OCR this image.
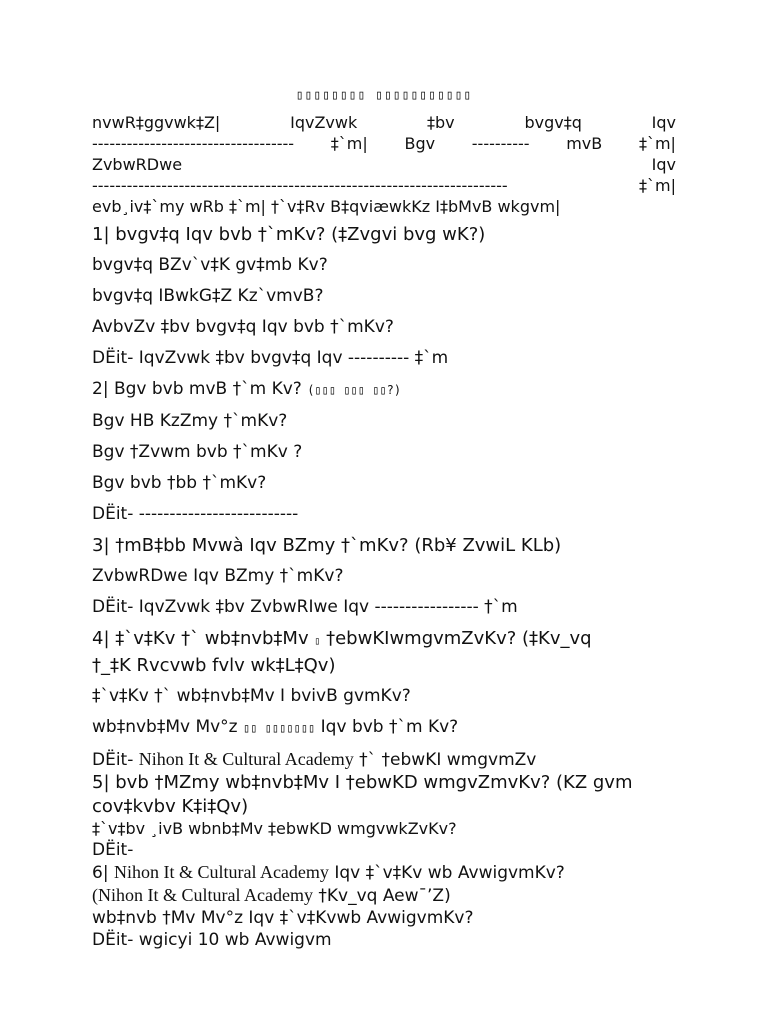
▯▯▯▯▯▯▯▯ ▯▯▯▯▯▯▯▯▯▯▯
nvwR‡ggvwk‡Z|	IqvZvwk	‡bv	bvgv‡q	Iqv
----------------------------------- ‡`m| Bgv ---------- mvB ‡`m|
ZvbwRDwe	Iqv
------------------------------------------------------------------------	‡`m|
evb¸iv‡`my wRb ‡`m| †`v‡Rv B‡qviæwkKz I‡bMvB wkgvm|
1| bvgv‡q Iqv bvb †`mKv? (‡Zvgvi bvg wK?)
bvgv‡q BZv`v‡K gv‡mb Kv?
bvgv‡q IBwkG‡Z Kz`vmvB?
AvbvZv ‡bv bvgv‡q Iqv bvb †`mKv?
DËit- IqvZvwk ‡bv bvgv‡q Iqv ---------- ‡`m
2| Bgv bvb mvB †`m Kv? (▯▯▯ ▯▯▯ ▯▯?)
Bgv HB KzZmy †`mKv?
Bgv †Zvwm bvb †`mKv ?
Bgv bvb †bb †`mKv?
DËit- --------------------------
3| †mB‡bb Mvwà Iqv BZmy †`mKv? (Rb¥ ZvwiL KLb)
ZvbwRDwe Iqv BZmy †`mKv?
DËit- IqvZvwk ‡bv ZvbwRIwe Iqv ----------------- †`m
4| ‡`v‡Kv †` wb‡nvb‡Mv ▯ †ebwKIwmgvmZvKv? (‡Kv_vq
†_‡K Rvcvwb fvlv wk‡L‡Qv)
‡`v‡Kv †` wb‡nvb‡Mv I bvivB gvmKv?
wb‡nvb‡Mv Mv°z ▯▯ ▯▯▯▯▯▯▯ Iqv bvb †`m Kv?
DËit- Nihon It & Cultural Academy †` †ebwKI wmgvmZv
5| bvb †MZmy wb‡nvb‡Mv I †ebwKD wmgvZmvKv? (KZ gvm
cov‡kvbv K‡i‡Qv)
‡`v‡bv ¸ivB wbnb‡Mv ‡ebwKD wmgvwkZvKv?
DËit-
6| Nihon It & Cultural Academy Iqv ‡`v‡Kv wb AvwigvmKv?
(Nihon It & Cultural Academy †Kv_vq Aew¯’Z)
wb‡nvb †Mv Mv°z Iqv ‡`v‡Kvwb AvwigvmKv?
DËit- wgicyi 10 wb Avwigvm
